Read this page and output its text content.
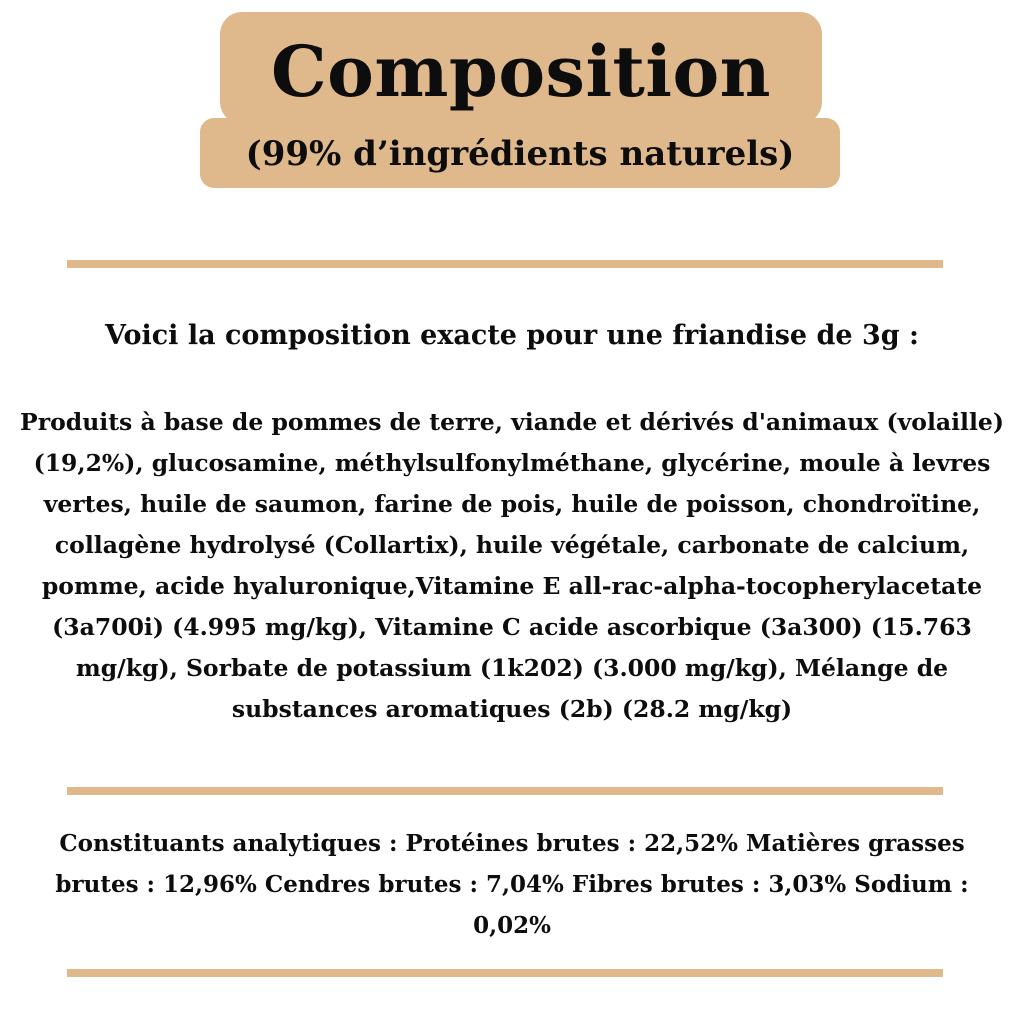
Composition

(99% d’ingrédients naturels)

Voici la composition exacte pour une friandise de 3g :

Produits à base de pommes de terre, viande et dérivés d'animaux (volaille) (19,2%), glucosamine, méthylsulfonylméthane, glycérine, moule à levres vertes, huile de saumon, farine de pois, huile de poisson, chondroïtine, collagène hydrolysé (Collartix), huile végétale, carbonate de calcium, pomme, acide hyaluronique,Vitamine E all-rac-alpha-tocopherylacetate (3a700i) (4.995 mg/kg), Vitamine C acide ascorbique (3a300) (15.763 mg/kg), Sorbate de potassium (1k202) (3.000 mg/kg), Mélange de substances aromatiques (2b) (28.2 mg/kg)

Constituants analytiques : Protéines brutes : 22,52% Matières grasses brutes : 12,96% Cendres brutes : 7,04% Fibres brutes : 3,03% Sodium : 0,02%
